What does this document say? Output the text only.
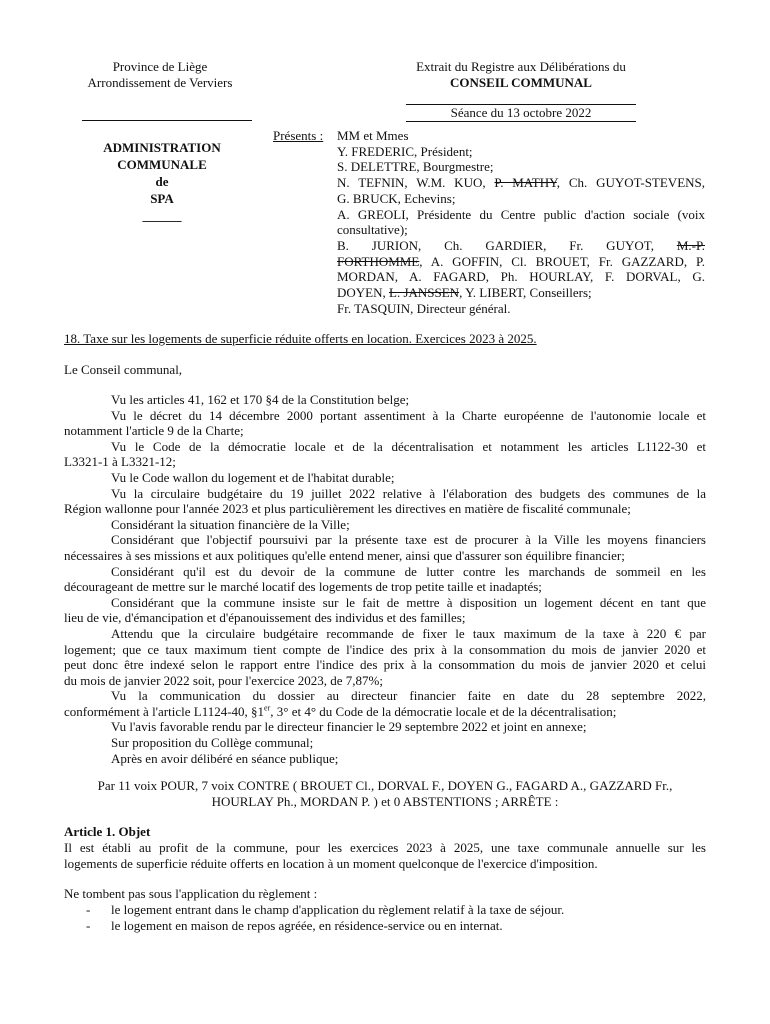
Province de Liège
Arrondissement de Verviers
Extrait du Registre aux Délibérations du
CONSEIL COMMUNAL
Séance du 13 octobre 2022
ADMINISTRATION
COMMUNALE
de
SPA
______
Présents : MM et Mmes
Y. FREDERIC, Président;
S. DELETTRE, Bourgmestre;
N. TEFNIN, W.M. KUO, P. MATHY, Ch. GUYOT-STEVENS,
G. BRUCK, Echevins;
A. GREOLI, Présidente du Centre public d'action sociale (voix
consultative);
B. JURION, Ch. GARDIER, Fr. GUYOT, M.-P.
FORTHOMME, A. GOFFIN, Cl. BROUET, Fr. GAZZARD, P.
MORDAN, A. FAGARD, Ph. HOURLAY, F. DORVAL, G.
DOYEN, L. JANSSEN, Y. LIBERT, Conseillers;
Fr. TASQUIN, Directeur général.
18. Taxe sur les logements de superficie réduite offerts en location. Exercices 2023 à 2025.
Le Conseil communal,
Vu les articles 41, 162 et 170 §4 de la Constitution belge;
Vu le décret du 14 décembre 2000 portant assentiment à la Charte européenne de l'autonomie locale et
notamment l'article 9 de la Charte;
Vu le Code de la démocratie locale et de la décentralisation et notamment les articles L1122-30 et
L3321-1 à L3321-12;
Vu le Code wallon du logement et de l'habitat durable;
Vu la circulaire budgétaire du 19 juillet 2022 relative à l'élaboration des budgets des communes de la
Région wallonne pour l'année 2023 et plus particulièrement les directives en matière de fiscalité communale;
Considérant la situation financière de la Ville;
Considérant que l'objectif poursuivi par la présente taxe est de procurer à la Ville les moyens financiers
nécessaires à ses missions et aux politiques qu'elle entend mener, ainsi que d'assurer son équilibre financier;
Considérant qu'il est du devoir de la commune de lutter contre les marchands de sommeil en les
décourageant de mettre sur le marché locatif des logements de trop petite taille et inadaptés;
Considérant que la commune insiste sur le fait de mettre à disposition un logement décent en tant que
lieu de vie, d'émancipation et d'épanouissement des individus et des familles;
Attendu que la circulaire budgétaire recommande de fixer le taux maximum de la taxe à 220 € par
logement; que ce taux maximum tient compte de l'indice des prix à la consommation du mois de janvier 2020 et
peut donc être indexé selon le rapport entre l'indice des prix à la consommation du mois de janvier 2020 et celui
du mois de janvier 2022 soit, pour l'exercice 2023, de 7,87%;
Vu la communication du dossier au directeur financier faite en date du 28 septembre 2022,
conformément à l'article L1124-40, §1er, 3° et 4° du Code de la démocratie locale et de la décentralisation;
Vu l'avis favorable rendu par le directeur financier le 29 septembre 2022 et joint en annexe;
Sur proposition du Collège communal;
Après en avoir délibéré en séance publique;
Par 11 voix POUR, 7 voix CONTRE ( BROUET Cl., DORVAL F., DOYEN G., FAGARD A., GAZZARD Fr.,
HOURLAY Ph., MORDAN P. ) et 0 ABSTENTIONS ; ARRÊTE :
Article 1. Objet
Il est établi au profit de la commune, pour les exercices 2023 à 2025, une taxe communale annuelle sur les
logements de superficie réduite offerts en location à un moment quelconque de l'exercice d'imposition.
Ne tombent pas sous l'application du règlement :
- le logement entrant dans le champ d'application du règlement relatif à la taxe de séjour.
- le logement en maison de repos agréée, en résidence-service ou en internat.
